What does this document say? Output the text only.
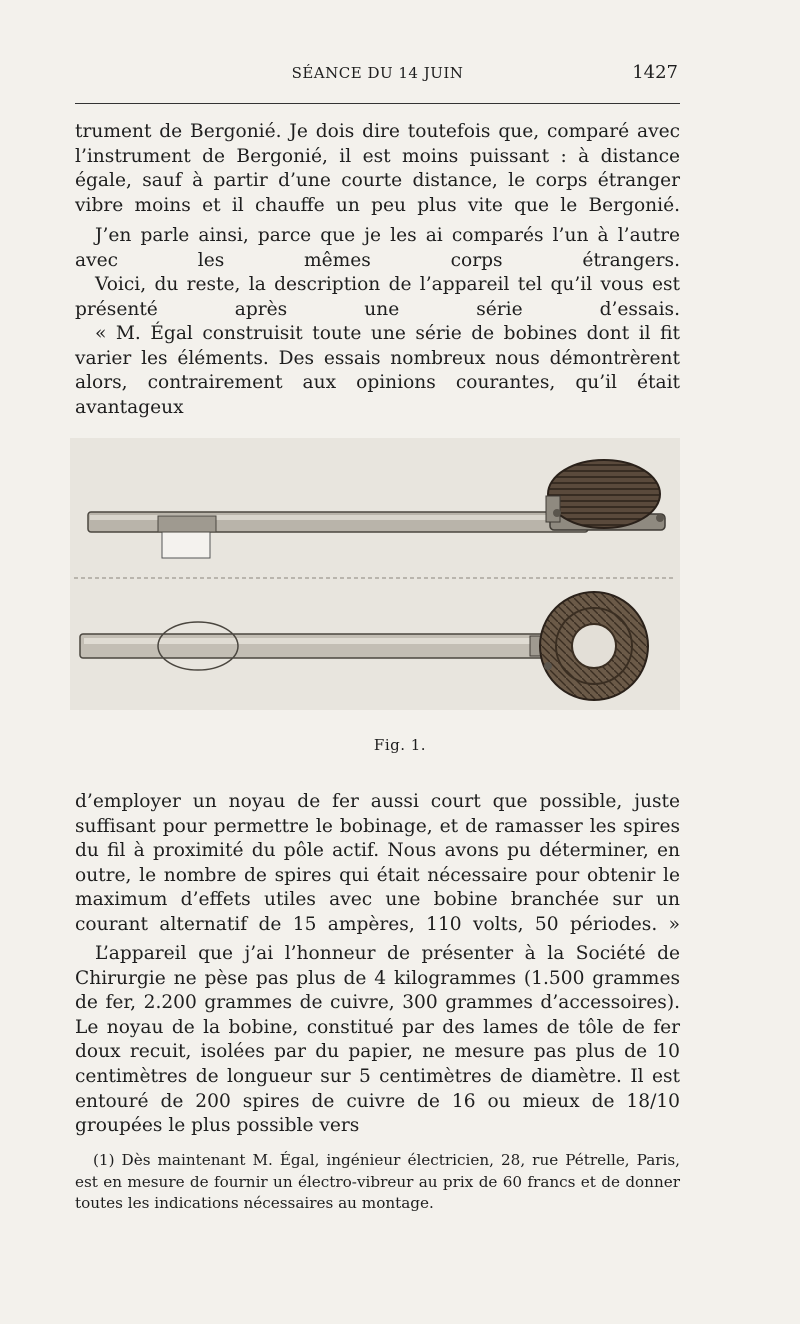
SÉANCE DU 14 JUIN	1427
trument de Bergonié. Je dois dire toutefois que, comparé avec l’instrument de Bergonié, il est moins puissant : à distance égale, sauf à partir d’une courte distance, le corps étranger vibre moins et il chauffe un peu plus vite que le Bergonié.
J’en parle ainsi, parce que je les ai comparés l’un à l’autre avec les mêmes corps étrangers.
Voici, du reste, la description de l’appareil tel qu’il vous est présenté après une série d’essais.
« M. Égal construisit toute une série de bobines dont il fit varier les éléments. Des essais nombreux nous démontrèrent alors, contrairement aux opinions courantes, qu’il était avantageux
Fig. 1.
d’employer un noyau de fer aussi court que possible, juste suffisant pour permettre le bobinage, et de ramasser les spires du fil à proximité du pôle actif. Nous avons pu déterminer, en outre, le nombre de spires qui était nécessaire pour obtenir le maximum d’effets utiles avec une bobine branchée sur un courant alternatif de 15 ampères, 110 volts, 50 périodes. »
L’appareil que j’ai l’honneur de présenter à la Société de Chirurgie ne pèse pas plus de 4 kilogrammes (1.500 grammes de fer, 2.200 grammes de cuivre, 300 grammes d’accessoires). Le noyau de la bobine, constitué par des lames de tôle de fer doux recuit, isolées par du papier, ne mesure pas plus de 10 centimètres de longueur sur 5 centimètres de diamètre. Il est entouré de 200 spires de cuivre de 16 ou mieux de 18/10 groupées le plus possible vers
(1) Dès maintenant M. Égal, ingénieur électricien, 28, rue Pétrelle, Paris, est en mesure de fournir un électro-vibreur au prix de 60 francs et de donner toutes les indications nécessaires au montage.
